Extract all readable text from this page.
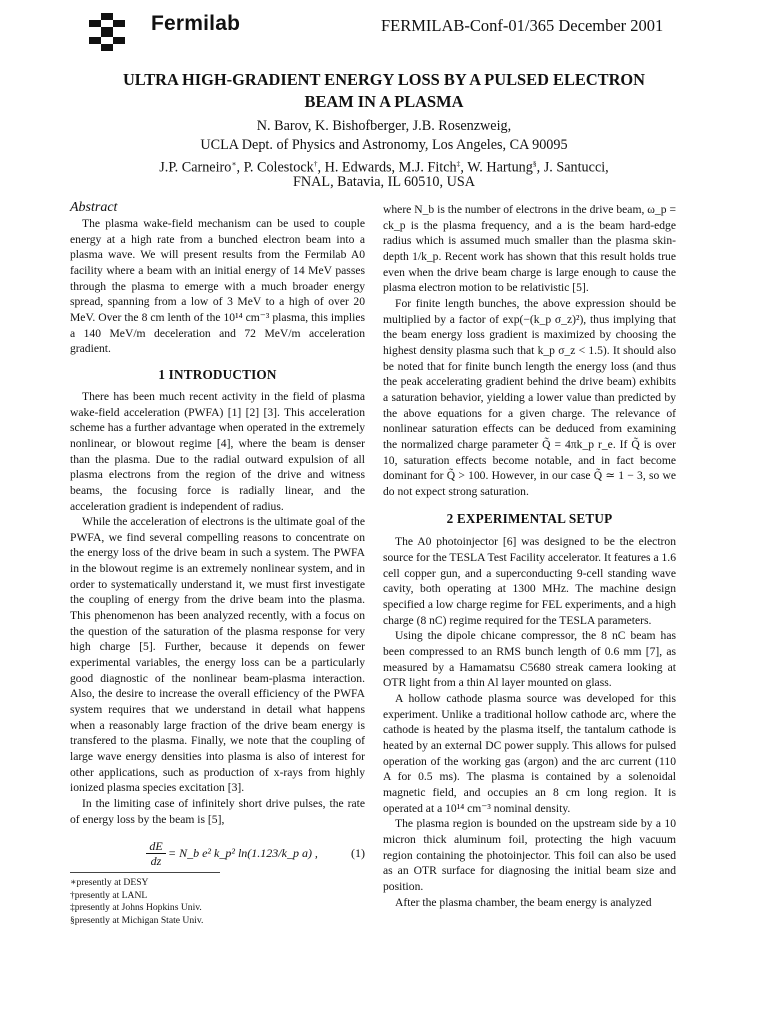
Fermilab	FERMILAB-Conf-01/365 December 2001
ULTRA HIGH-GRADIENT ENERGY LOSS BY A PULSED ELECTRON
BEAM IN A PLASMA
N. Barov, K. Bishofberger, J.B. Rosenzweig,
UCLA Dept. of Physics and Astronomy, Los Angeles, CA 90095
J.P. Carneiro∗, P. Colestock†, H. Edwards, M.J. Fitch‡, W. Hartung§, J. Santucci,
FNAL, Batavia, IL 60510, USA
Abstract

The plasma wake-field mechanism can be used to couple energy at a high rate from a bunched electron beam into a plasma wave. We will present results from the Fermilab A0 facility where a beam with an initial energy of 14 MeV passes through the plasma to emerge with a much broader energy spread, spanning from a low of 3 MeV to a high of over 20 MeV. Over the 8 cm lenth of the 10¹⁴ cm⁻³ plasma, this implies a 140 MeV/m deceleration and 72 MeV/m acceleration gradient.

1 INTRODUCTION

There has been much recent activity in the field of plasma wake-field acceleration (PWFA) [1] [2] [3]. This acceleration scheme has a further advantage when operated in the extremely nonlinear, or blowout regime [4], where the beam is denser than the plasma. Due to the radial outward expulsion of all plasma electrons from the region of the drive and witness beams, the focusing force is radially linear, and the acceleration gradient is independent of radius.

While the acceleration of electrons is the ultimate goal of the PWFA, we find several compelling reasons to concentrate on the energy loss of the drive beam in such a system. The PWFA in the blowout regime is an extremely nonlinear system, and in order to systematically understand it, we must first investigate the coupling of energy from the drive beam into the plasma. This phenomenon has been analyzed recently, with a focus on the question of the saturation of the plasma response for very high charge [5]. Further, because it depends on fewer experimental variables, the energy loss can be a particularly good diagnostic of the nonlinear beam-plasma interaction. Also, the desire to increase the overall efficiency of the PWFA system requires that we understand in detail what happens when a reasonably large fraction of the drive beam energy is transfered to the plasma. Finally, we note that the coupling of large wave energy densities into plasma is also of interest for other applications, such as production of x-rays from highly ionized plasma species excitation [3].

In the limiting case of infinitely short drive pulses, the rate of energy loss by the beam is [5],

$\frac{dE}{dz}$ = N_b e² k_p² ln(1.123/k_p a) ,	(1)
∗presently at DESY
†presently at LANL
‡presently at Johns Hopkins Univ.
§presently at Michigan State Univ.

where N_b is the number of electrons in the drive beam, ω_p = ck_p is the plasma frequency, and a is the beam hard-edge radius which is assumed much smaller than the plasma skin-depth 1/k_p. Recent work has shown that this result holds true even when the drive beam charge is large enough to cause the plasma electron motion to be relativistic [5].

For finite length bunches, the above expression should be multiplied by a factor of exp(−(k_p σ_z)²), thus implying that the beam energy loss gradient is maximized by choosing the highest density plasma such that k_p σ_z < 1.5). It should also be noted that for finite bunch length the energy loss (and thus the peak accelerating gradient behind the drive beam) exhibits a saturation behavior, yielding a lower value than predicted by the above equations for a given charge. The relevance of nonlinear saturation effects can be deduced from examining the normalized charge parameter Q̃ = 4πk_p r_e. If Q̃ is over 10, saturation effects become notable, and in fact become dominant for Q̃ > 100. However, in our case Q̃ ≃ 1 − 3, so we do not expect strong saturation.

2 EXPERIMENTAL SETUP

The A0 photoinjector [6] was designed to be the electron source for the TESLA Test Facility accelerator. It features a 1.6 cell copper gun, and a superconducting 9-cell standing wave cavity, both operating at 1300 MHz. The machine design specified a low charge regime for FEL experiments, and a high charge (8 nC) regime required for the TESLA parameters.

Using the dipole chicane compressor, the 8 nC beam has been compressed to an RMS bunch length of 0.6 mm [7], as measured by a Hamamatsu C5680 streak camera looking at OTR light from a thin Al layer mounted on glass.

A hollow cathode plasma source was developed for this experiment. Unlike a traditional hollow cathode arc, where the cathode is heated by the plasma itself, the tantalum cathode is heated by an external DC power supply. This allows for pulsed operation of the working gas (argon) and the arc current (110 A for 0.5 ms). The plasma is contained by a solenoidal magnetic field, and occupies an 8 cm long region. It is operated at a 10¹⁴ cm⁻³ nominal density.

The plasma region is bounded on the upstream side by a 10 micron thick aluminum foil, protecting the high vacuum region containing the photoinjector. This foil can also be used as an OTR surface for diagnosing the initial beam size and position.

After the plasma chamber, the beam energy is analyzed
